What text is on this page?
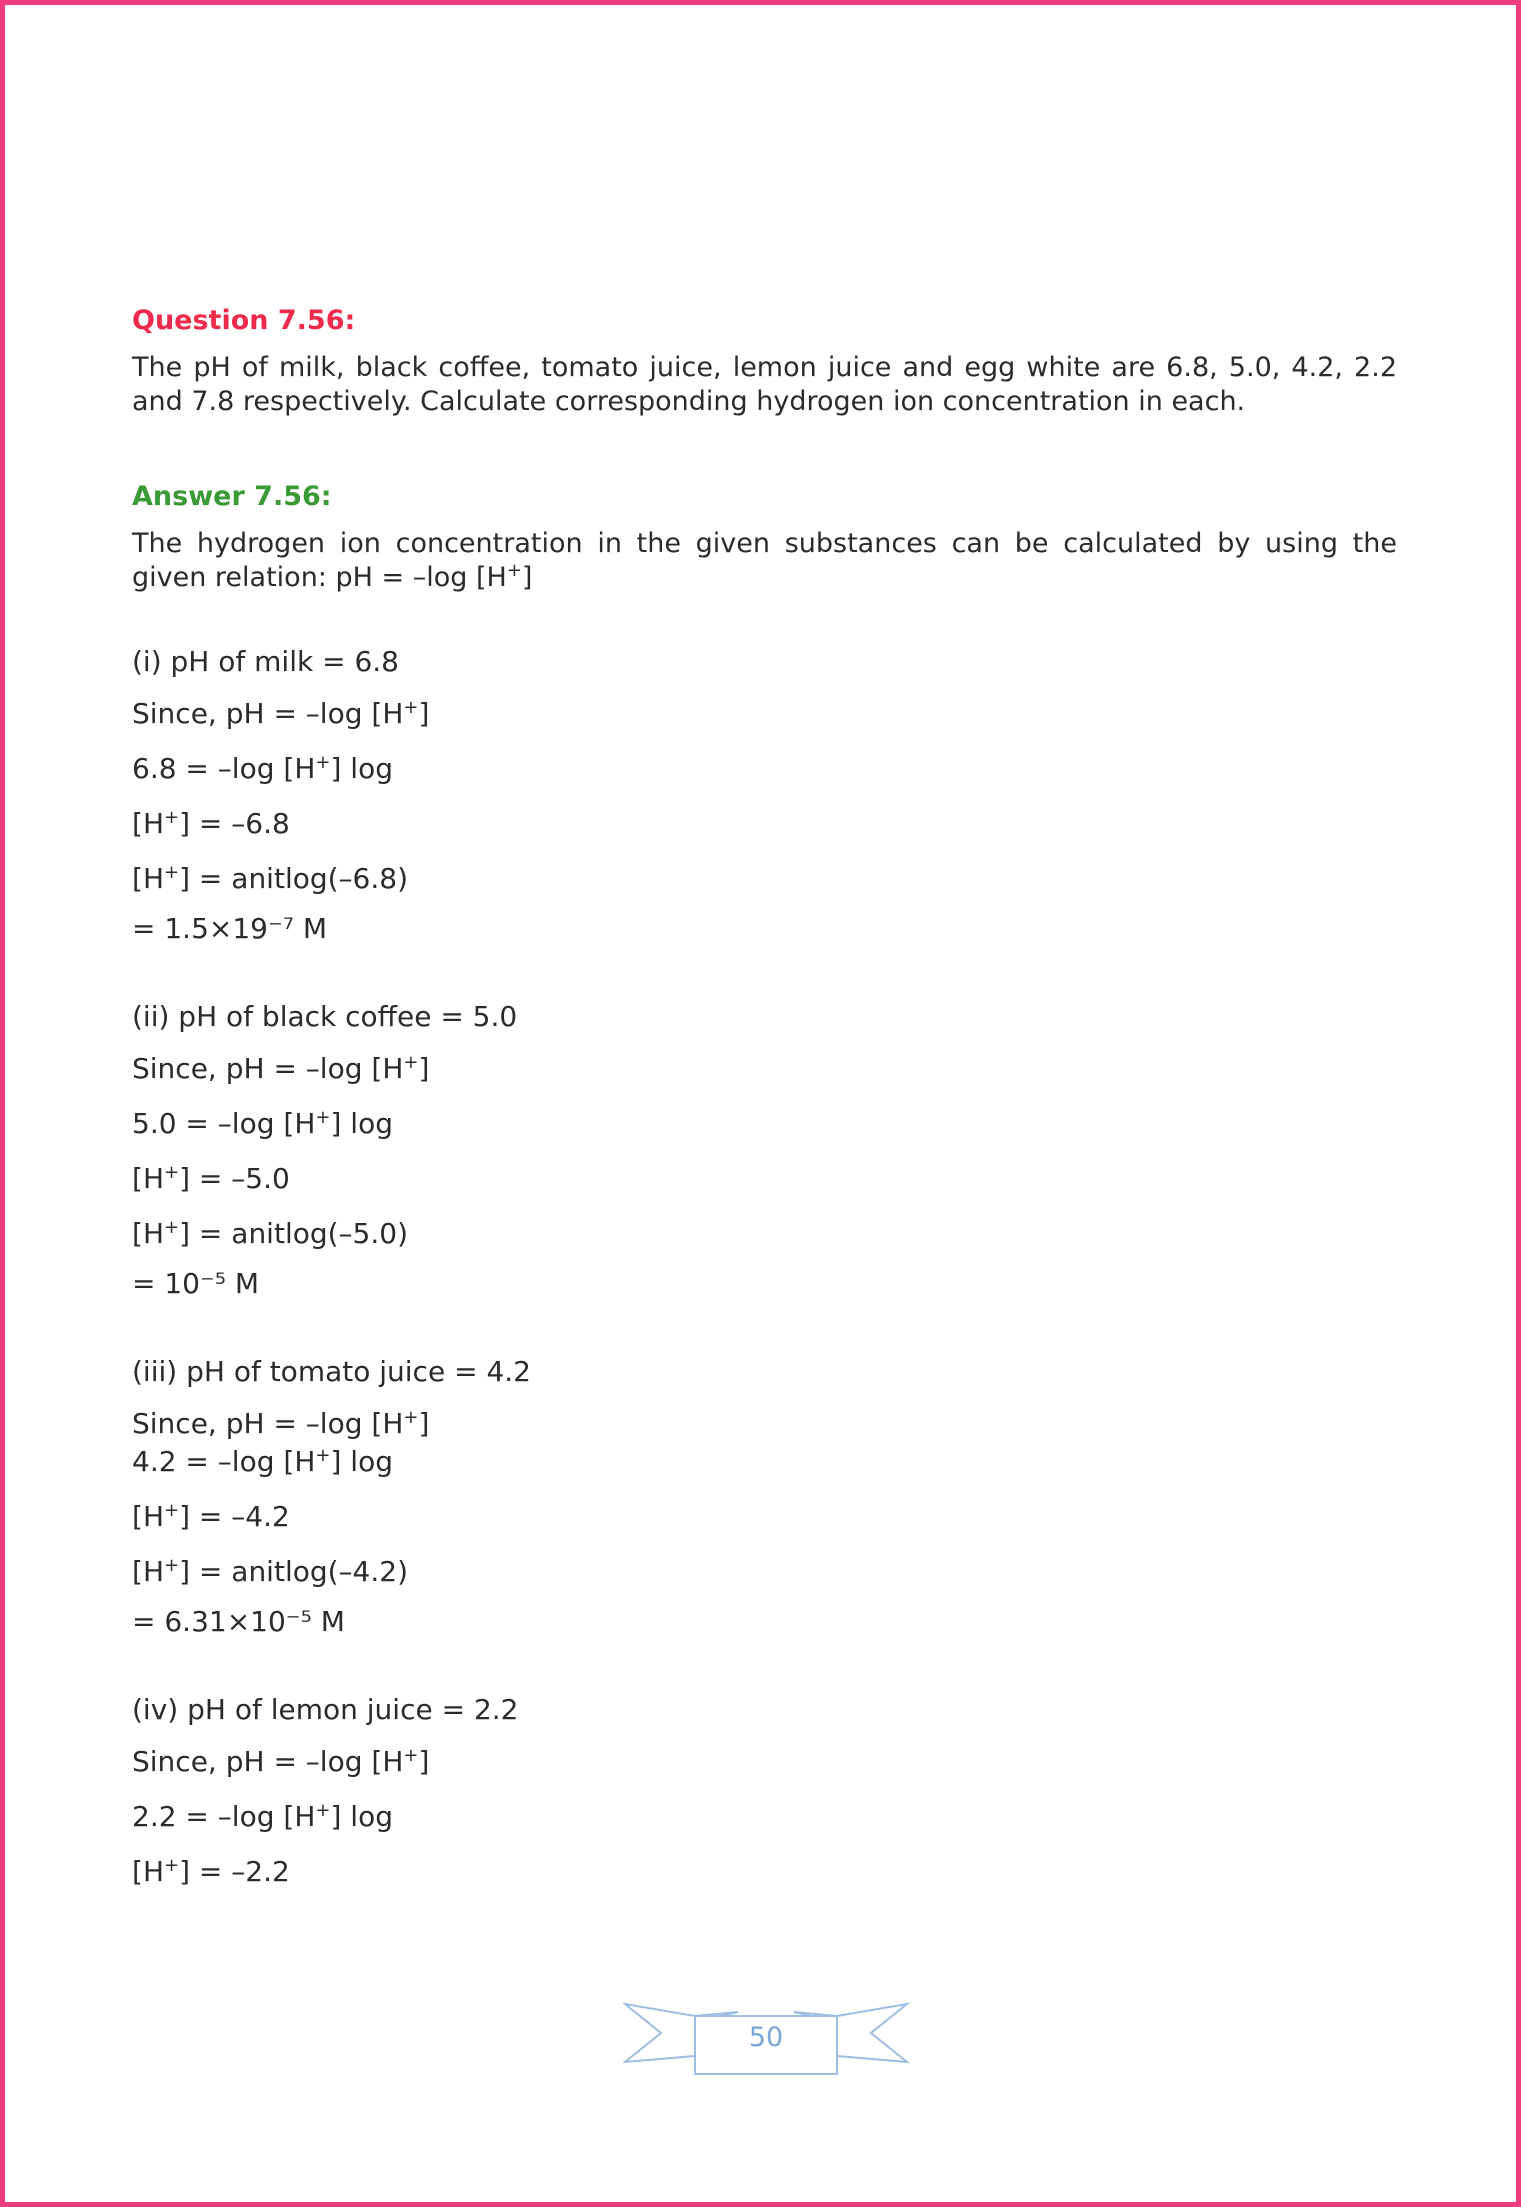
Question 7.56:

The pH of milk, black coffee, tomato juice, lemon juice and egg white are 6.8, 5.0, 4.2, 2.2 and 7.8 respectively. Calculate corresponding hydrogen ion concentration in each.

Answer 7.56:

The hydrogen ion concentration in the given substances can be calculated by using the given relation: pH = –log [H+]

(i) pH of milk = 6.8

Since, pH = –log [H+]

6.8 = –log [H+] log

[H+] = –6.8

[H+] = anitlog(–6.8)

= 1.5×19⁻⁷ M

(ii) pH of black coffee = 5.0

Since, pH = –log [H+]

5.0 = –log [H+] log

[H+] = –5.0

[H+] = anitlog(–5.0)

= 10⁻⁵ M

(iii) pH of tomato juice = 4.2

Since, pH = –log [H+]

4.2 = –log [H+] log

[H+] = –4.2

[H+] = anitlog(–4.2)

= 6.31×10⁻⁵ M

(iv) pH of lemon juice = 2.2

Since, pH = –log [H+]

2.2 = –log [H+] log

[H+] = –2.2

50
